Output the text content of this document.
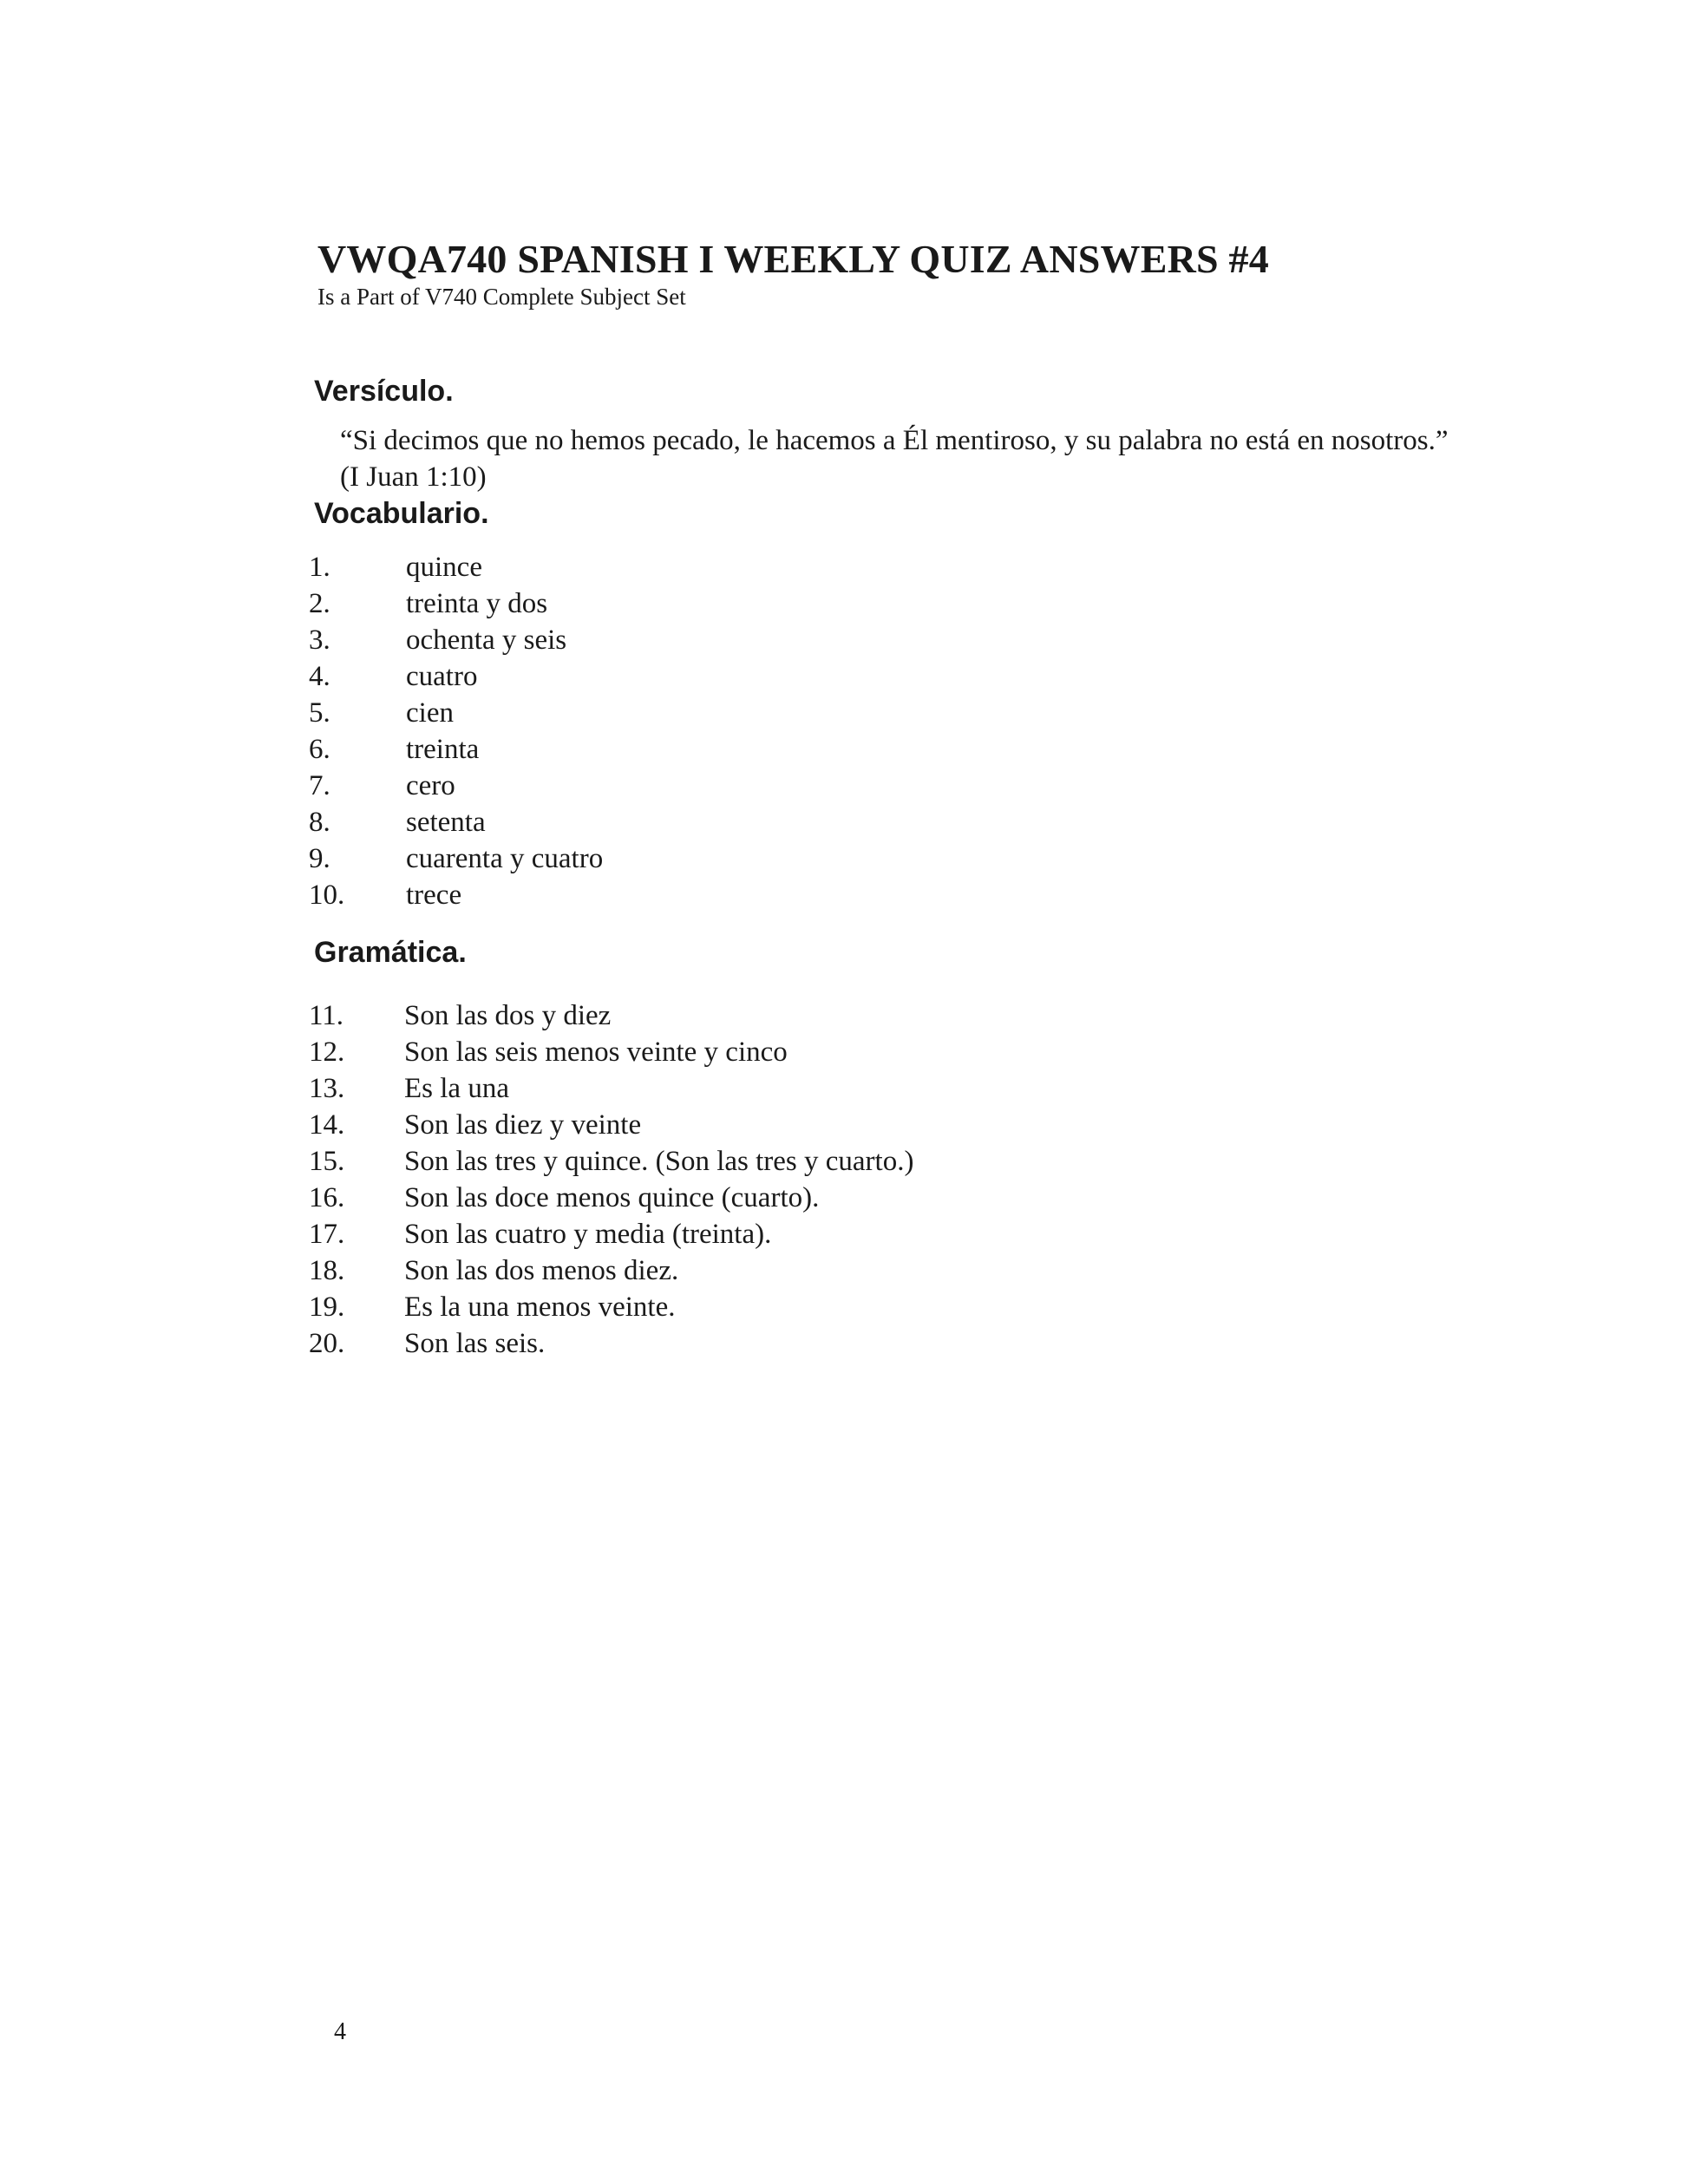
VWQA740 SPANISH I WEEKLY QUIZ ANSWERS #4
Is a Part of V740 Complete Subject Set
Versículo.
“Si decimos que no hemos pecado, le hacemos a Él mentiroso, y su palabra no está en nosotros.”
(I Juan 1:10)
Vocabulario.
1.	quince
2.	treinta y dos
3.	ochenta y seis
4.	cuatro
5.	cien
6.	treinta
7.	cero
8.	setenta
9.	cuarenta y cuatro
10. trece
Gramática.
11. Son las dos y diez
12. Son las seis menos veinte y cinco
13. Es la una
14. Son las diez y veinte
15. Son las tres y quince. (Son las tres y cuarto.)
16. Son las doce menos quince (cuarto).
17. Son las cuatro y media (treinta).
18. Son las dos menos diez.
19. Es la una menos veinte.
20. Son las seis.
4
